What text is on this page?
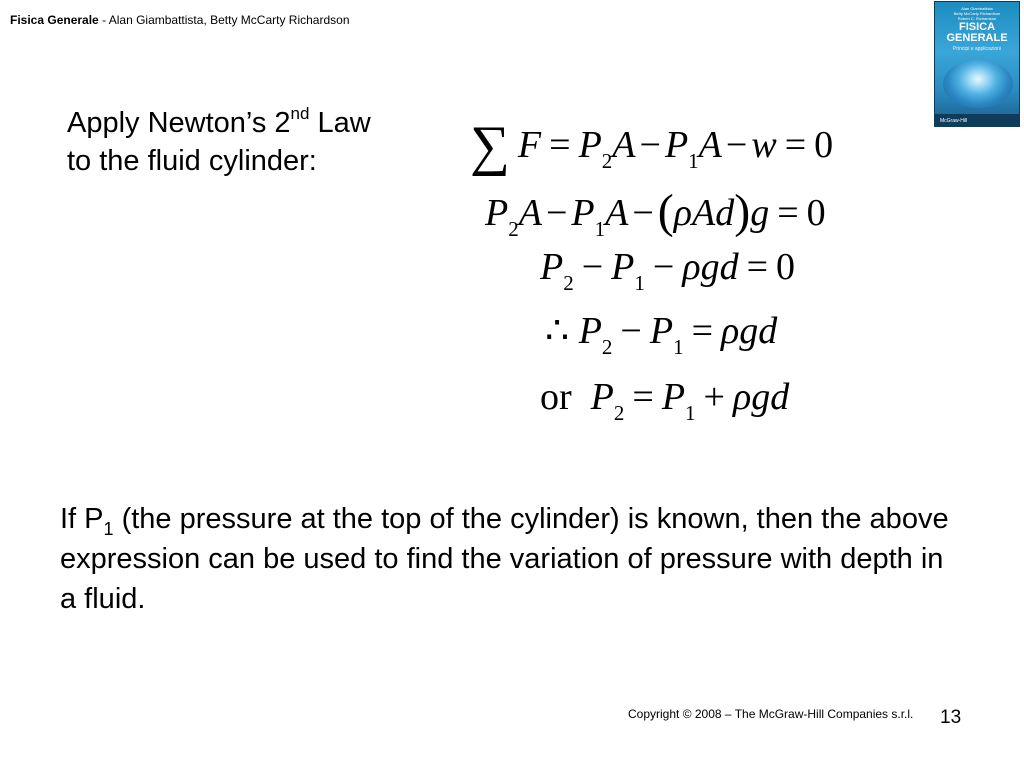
Fisica Generale - Alan Giambattista, Betty McCarty Richardson
Alan Giambattista
Betty McCarty Richardson
Robert C. Richardson
FISICA
GENERALE
Principi e applicazioni
McGraw-Hill
Apply Newton’s 2nd Law
to the fluid cylinder:	∑ $F = P_2A - P_1A - w = 0$
$P_2A - P_1A -(\rho Ad)g = 0$
$P_2 - P_1 - \rho gd = 0$
∴ $P_2 - P_1 = \rho gd$
or $P_2 = P_1 + \rho gd$
If $P_1$ (the pressure at the top of the cylinder) is known, then the above expression can be used to find the variation of pressure with depth in a fluid.
Copyright © 2008 – The McGraw-Hill Companies s.r.l. 13
